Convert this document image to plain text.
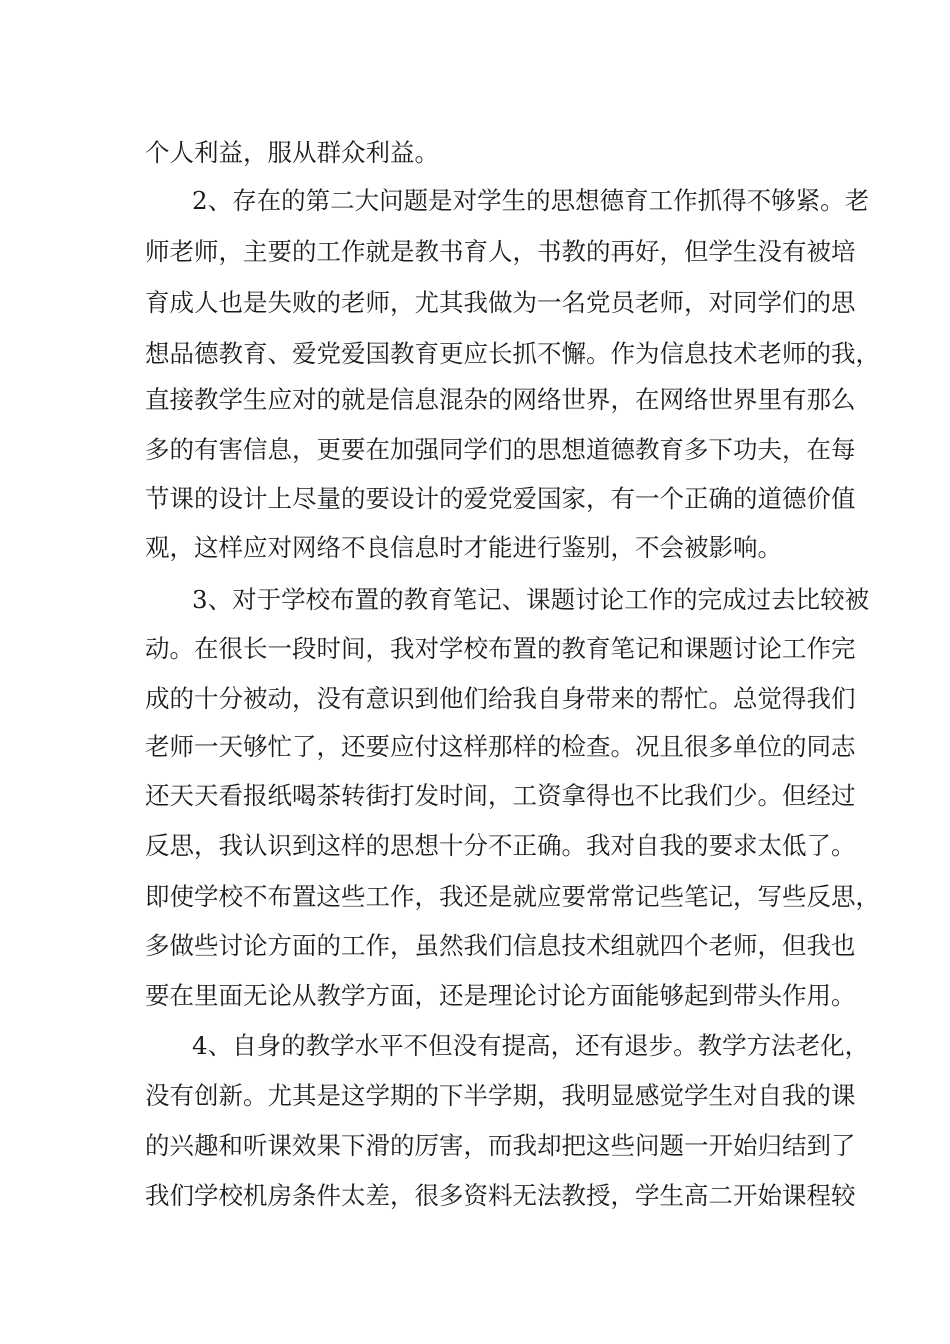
个人利益，服从群众利益。
2、存在的第二大问题是对学生的思想德育工作抓得不够紧。老
师老师，主要的工作就是教书育人，书教的再好，但学生没有被培
育成人也是失败的老师，尤其我做为一名党员老师，对同学们的思
想品德教育、爱党爱国教育更应长抓不懈。作为信息技术老师的我，
直接教学生应对的就是信息混杂的网络世界，在网络世界里有那么
多的有害信息，更要在加强同学们的思想道德教育多下功夫，在每
节课的设计上尽量的要设计的爱党爱国家，有一个正确的道德价值
观，这样应对网络不良信息时才能进行鉴别，不会被影响。
3、对于学校布置的教育笔记、课题讨论工作的完成过去比较被
动。在很长一段时间，我对学校布置的教育笔记和课题讨论工作完
成的十分被动，没有意识到他们给我自身带来的帮忙。总觉得我们
老师一天够忙了，还要应付这样那样的检查。况且很多单位的同志
还天天看报纸喝茶转街打发时间，工资拿得也不比我们少。但经过
反思，我认识到这样的思想十分不正确。我对自我的要求太低了。
即使学校不布置这些工作，我还是就应要常常记些笔记，写些反思，
多做些讨论方面的工作，虽然我们信息技术组就四个老师，但我也
要在里面无论从教学方面，还是理论讨论方面能够起到带头作用。
4、自身的教学水平不但没有提高，还有退步。教学方法老化，
没有创新。尤其是这学期的下半学期，我明显感觉学生对自我的课
的兴趣和听课效果下滑的厉害，而我却把这些问题一开始归结到了
我们学校机房条件太差，很多资料无法教授，学生高二开始课程较
